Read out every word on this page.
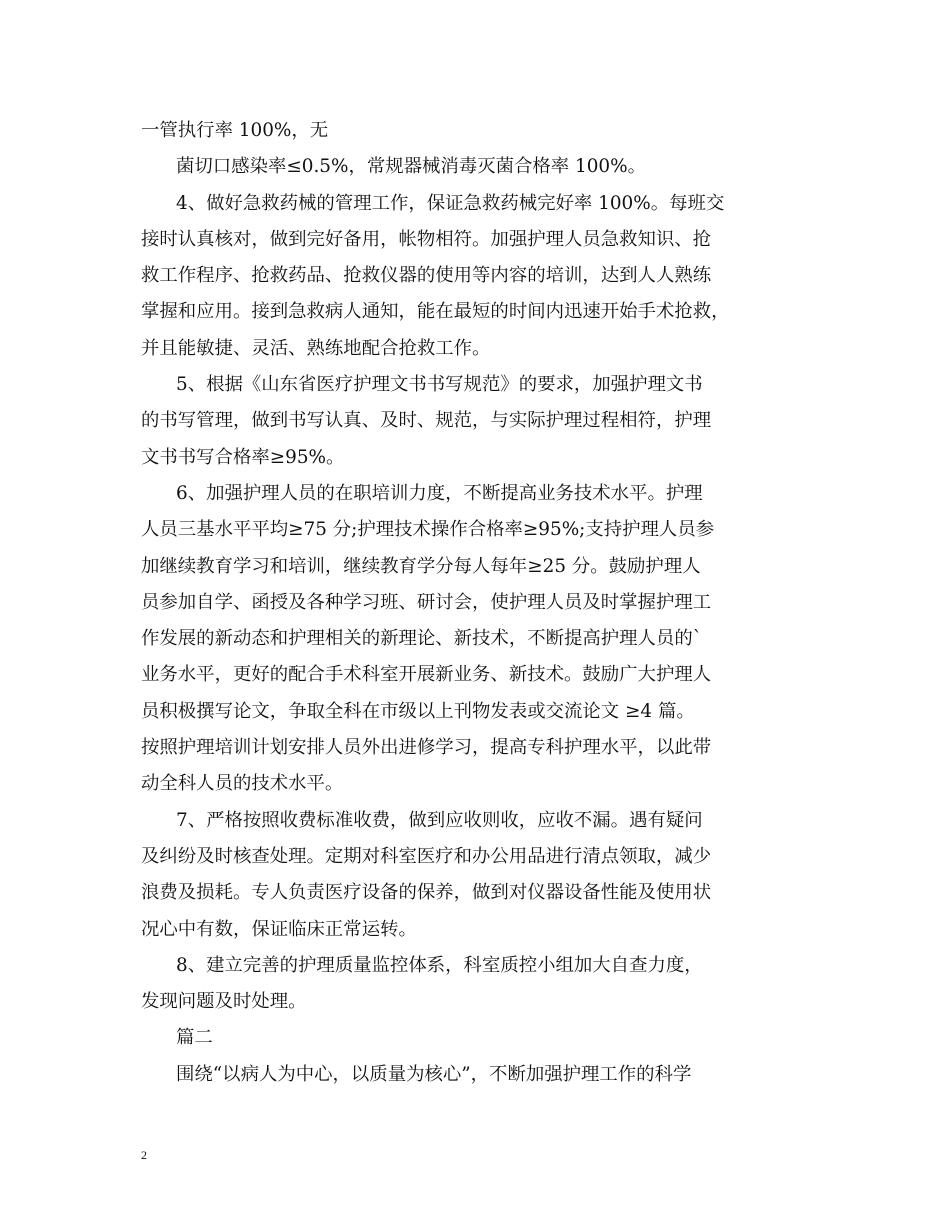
一管执行率 100%，无
菌切口感染率≤0.5%，常规器械消毒灭菌合格率 100%。
4、做好急救药械的管理工作，保证急救药械完好率 100%。每班交
接时认真核对，做到完好备用，帐物相符。加强护理人员急救知识、抢
救工作程序、抢救药品、抢救仪器的使用等内容的培训，达到人人熟练
掌握和应用。接到急救病人通知，能在最短的时间内迅速开始手术抢救，
并且能敏捷、灵活、熟练地配合抢救工作。
5、根据《山东省医疗护理文书书写规范》的要求，加强护理文书
的书写管理，做到书写认真、及时、规范，与实际护理过程相符，护理
文书书写合格率≥95%。
6、加强护理人员的在职培训力度，不断提高业务技术水平。护理
人员三基水平平均≥75 分;护理技术操作合格率≥95%;支持护理人员参
加继续教育学习和培训，继续教育学分每人每年≥25 分。鼓励护理人
员参加自学、函授及各种学习班、研讨会，使护理人员及时掌握护理工
作发展的新动态和护理相关的新理论、新技术，不断提高护理人员的`
业务水平，更好的配合手术科室开展新业务、新技术。鼓励广大护理人
员积极撰写论文，争取全科在市级以上刊物发表或交流论文 ≥4 篇。
按照护理培训计划安排人员外出进修学习，提高专科护理水平，以此带
动全科人员的技术水平。
7、严格按照收费标准收费，做到应收则收，应收不漏。遇有疑问
及纠纷及时核查处理。定期对科室医疗和办公用品进行清点领取，减少
浪费及损耗。专人负责医疗设备的保养，做到对仪器设备性能及使用状
况心中有数，保证临床正常运转。
8、建立完善的护理质量监控体系，科室质控小组加大自查力度，
发现问题及时处理。
篇二
围绕“以病人为中心，以质量为核心”，不断加强护理工作的科学
2
